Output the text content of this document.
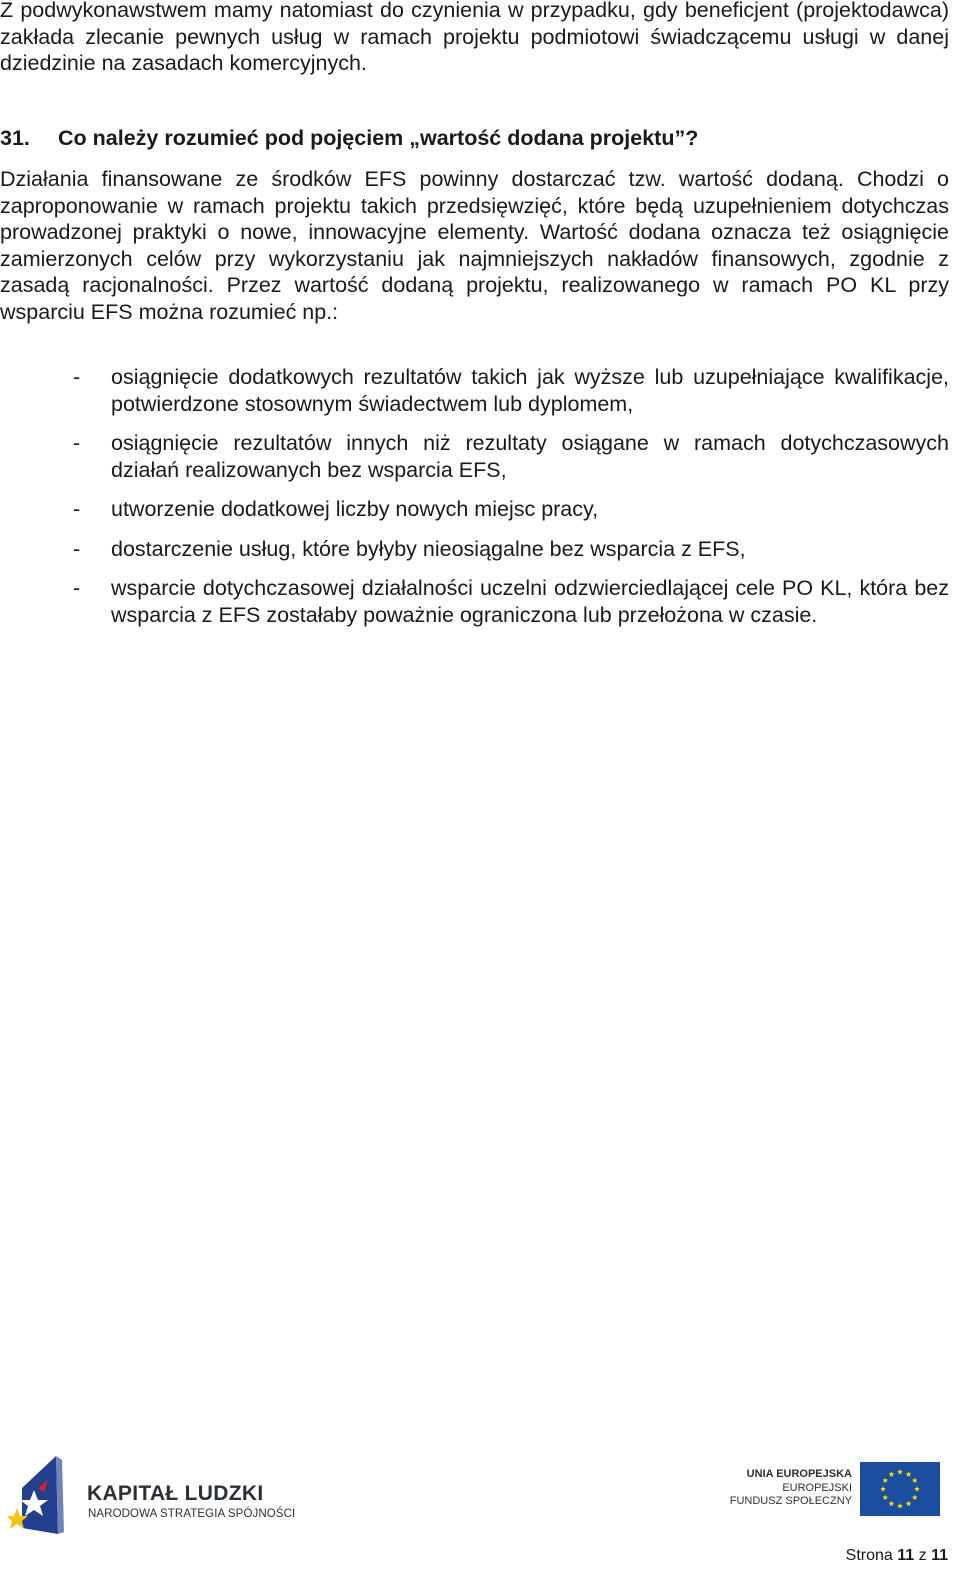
Z podwykonawstwem mamy natomiast do czynienia w przypadku, gdy beneficjent (projektodawca) zakłada zlecanie pewnych usług w ramach projektu podmiotowi świadczącemu usługi w danej dziedzinie na zasadach komercyjnych.

31. Co należy rozumieć pod pojęciem „wartość dodana projektu”?

Działania finansowane ze środków EFS powinny dostarczać tzw. wartość dodaną. Chodzi o zaproponowanie w ramach projektu takich przedsięwzięć, które będą uzupełnieniem dotychczas prowadzonej praktyki o nowe, innowacyjne elementy. Wartość dodana oznacza też osiągnięcie zamierzonych celów przy wykorzystaniu jak najmniejszych nakładów finansowych, zgodnie z zasadą racjonalności. Przez wartość dodaną projektu, realizowanego w ramach PO KL przy wsparciu EFS można rozumieć np.:

- osiągnięcie dodatkowych rezultatów takich jak wyższe lub uzupełniające kwalifikacje, potwierdzone stosownym świadectwem lub dyplomem,
- osiągnięcie rezultatów innych niż rezultaty osiągane w ramach dotychczasowych działań realizowanych bez wsparcia EFS,
- utworzenie dodatkowej liczby nowych miejsc pracy,
- dostarczenie usług, które byłyby nieosiągalne bez wsparcia z EFS,
- wsparcie dotychczasowej działalności uczelni odzwierciedlającej cele PO KL, która bez wsparcia z EFS zostałaby poważnie ograniczona lub przełożona w czasie.
KAPITAŁ LUDZKI
NARODOWA STRATEGIA SPÓJNOŚCI
UNIA EUROPEJSKA
EUROPEJSKI
FUNDUSZ SPOŁECZNY
Strona 11 z 11
